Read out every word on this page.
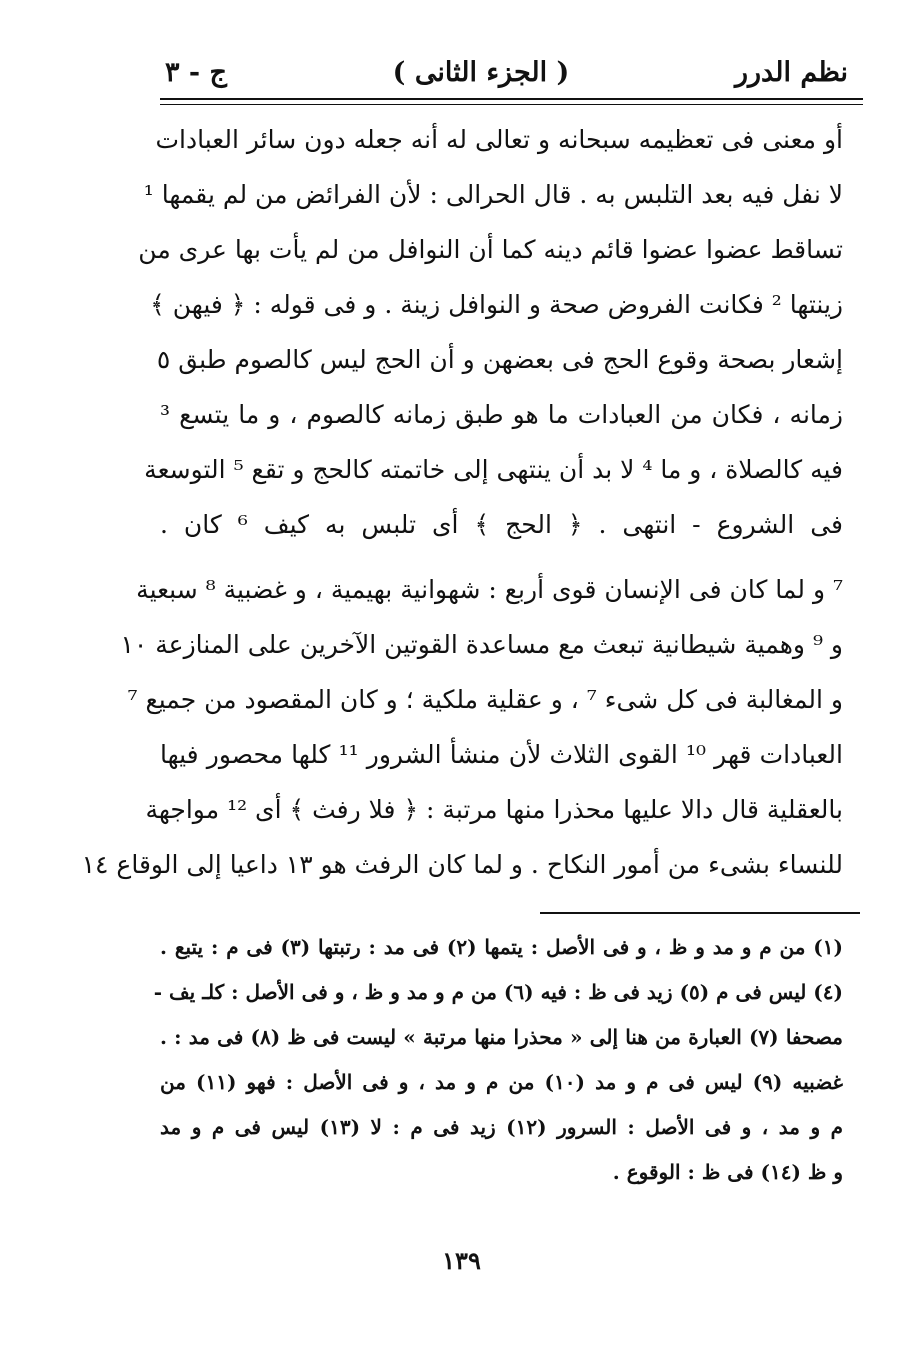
نظم الدرر
( الجزء الثانى )
ج - ٣
أو معنى فى تعظيمه سبحانه و تعالى له أنه جعله دون سائر العبادات
لا نفل فيه بعد التلبس به . قال الحرالى : لأن الفرائض من لم يقمها ¹
تساقط عضوا عضوا قائم دينه كما أن النوافل من لم يأت بها عرى من
زينتها ² فكانت الفروض صحة و النوافل زينة . و فى قوله : ﴿ فيهن ﴾
إشعار بصحة وقوع الحج فى بعضهن و أن الحج ليس كالصوم طبق ٥
زمانه ، فكان من العبادات ما هو طبق زمانه كالصوم ، و ما يتسع ³
فيه كالصلاة ، و ما ⁴ لا بد أن ينتهى إلى خاتمته كالحج و تقع ⁵ التوسعة
فى الشروع - انتهى . ﴿ الحج ﴾ أى تلبس به كيف ⁶ كان .
⁷ و لما كان فى الإنسان قوى أربع : شهوانية بهيمية ، و غضبية ⁸ سبعية
و ⁹ وهمية شيطانية تبعث مع مساعدة القوتين الآخرين على المنازعة ١٠
و المغالبة فى كل شىء ⁷ ، و عقلية ملكية ؛ و كان المقصود من جميع ⁷
العبادات قهر ¹⁰ القوى الثلاث لأن منشأ الشرور ¹¹ كلها محصور فيها
بالعقلية قال دالا عليها محذرا منها مرتبة : ﴿ فلا رفث ﴾ أى ¹² مواجهة
للنساء بشىء من أمور النكاح . و لما كان الرفث هو ١٣ داعيا إلى الوقاع ١٤
(١) من م و مد و ظ ، و فى الأصل : يتمها (٢) فى مد : رتبتها (٣) فى م : يتبع .
(٤) ليس فى م (٥) زيد فى ظ : فيه (٦) من م و مد و ظ ، و فى الأصل : كلـ يف -
مصحفا (٧) العبارة من هنا إلى « محذرا منها مرتبة » ليست فى ظ (٨) فى مد : .
غضبيه (٩) ليس فى م و مد (١٠) من م و مد ، و فى الأصل : فهو (١١) من
م و مد ، و فى الأصل : السرور (١٢) زيد فى م : لا (١٣) ليس فى م و مد
و ظ (١٤) فى ظ : الوقوع .
١٣٩
